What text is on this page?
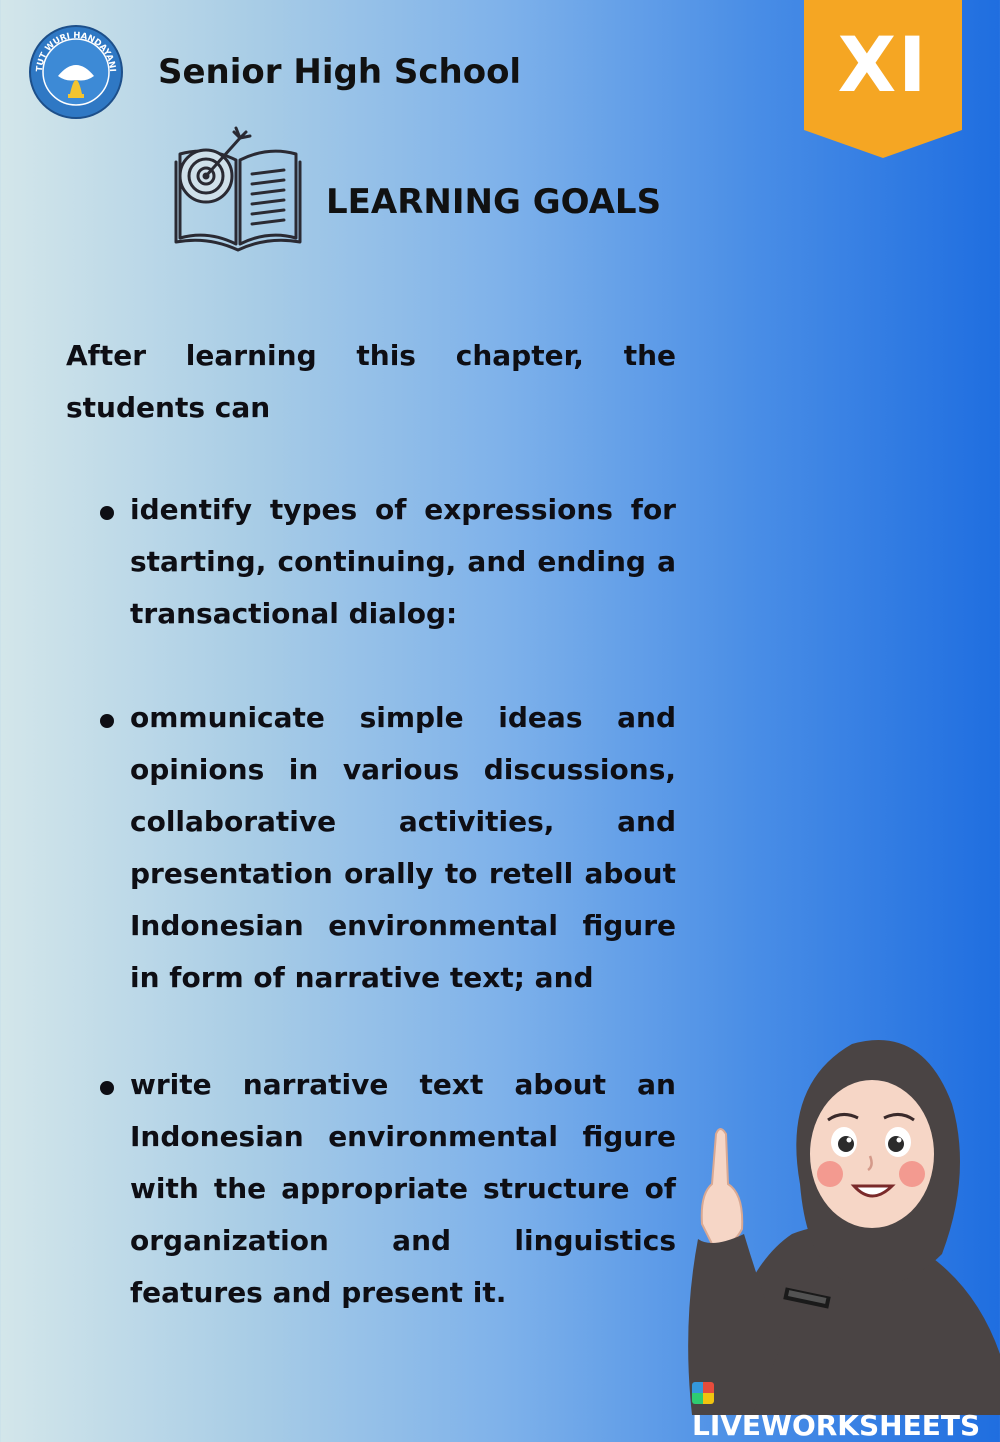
TUT WURI HANDAYANI Senior High School	XI
LEARNING GOALS
After learning this chapter, the students can
identify types of expressions for starting, continuing, and ending a transactional dialog:
ommunicate simple ideas and opinions in various discussions, collaborative activities, and presentation orally to retell about Indonesian environmental figure in form of narrative text; and
write narrative text about an Indonesian environmental figure with the appropriate structure of organization and linguistics features and present it.
LIVEWORKSHEETS
